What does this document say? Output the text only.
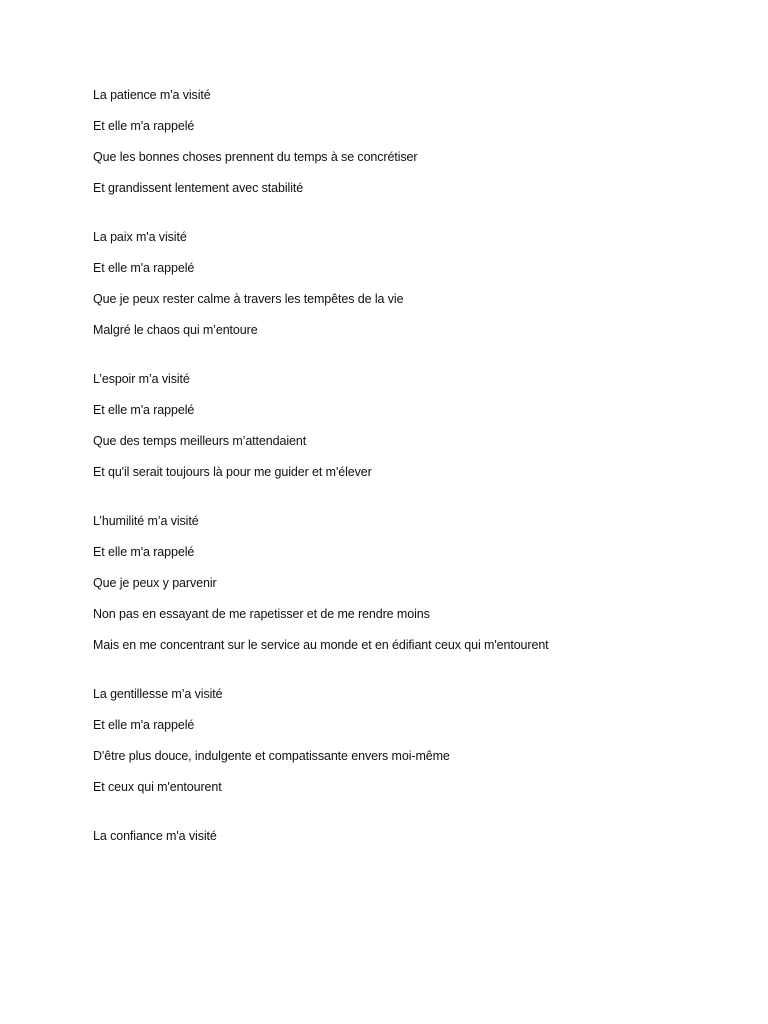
La patience m'a visité
Et elle m'a rappelé
Que les bonnes choses prennent du temps à se concrétiser
Et grandissent lentement avec stabilité
La paix m'a visité
Et elle m'a rappelé
Que je peux rester calme à travers les tempêtes de la vie
Malgré le chaos qui m’entoure
L’espoir m’a visité
Et elle m'a rappelé
Que des temps meilleurs m’attendaient
Et qu'il serait toujours là pour me guider et m'élever
L’humilité m’a visité
Et elle m'a rappelé
Que je peux y parvenir
Non pas en essayant de me rapetisser et de me rendre moins
Mais en me concentrant sur le service au monde et en édifiant ceux qui m'entourent
La gentillesse m’a visité
Et elle m'a rappelé
D'être plus douce, indulgente et compatissante envers moi-même
Et ceux qui m'entourent
La confiance m'a visité
